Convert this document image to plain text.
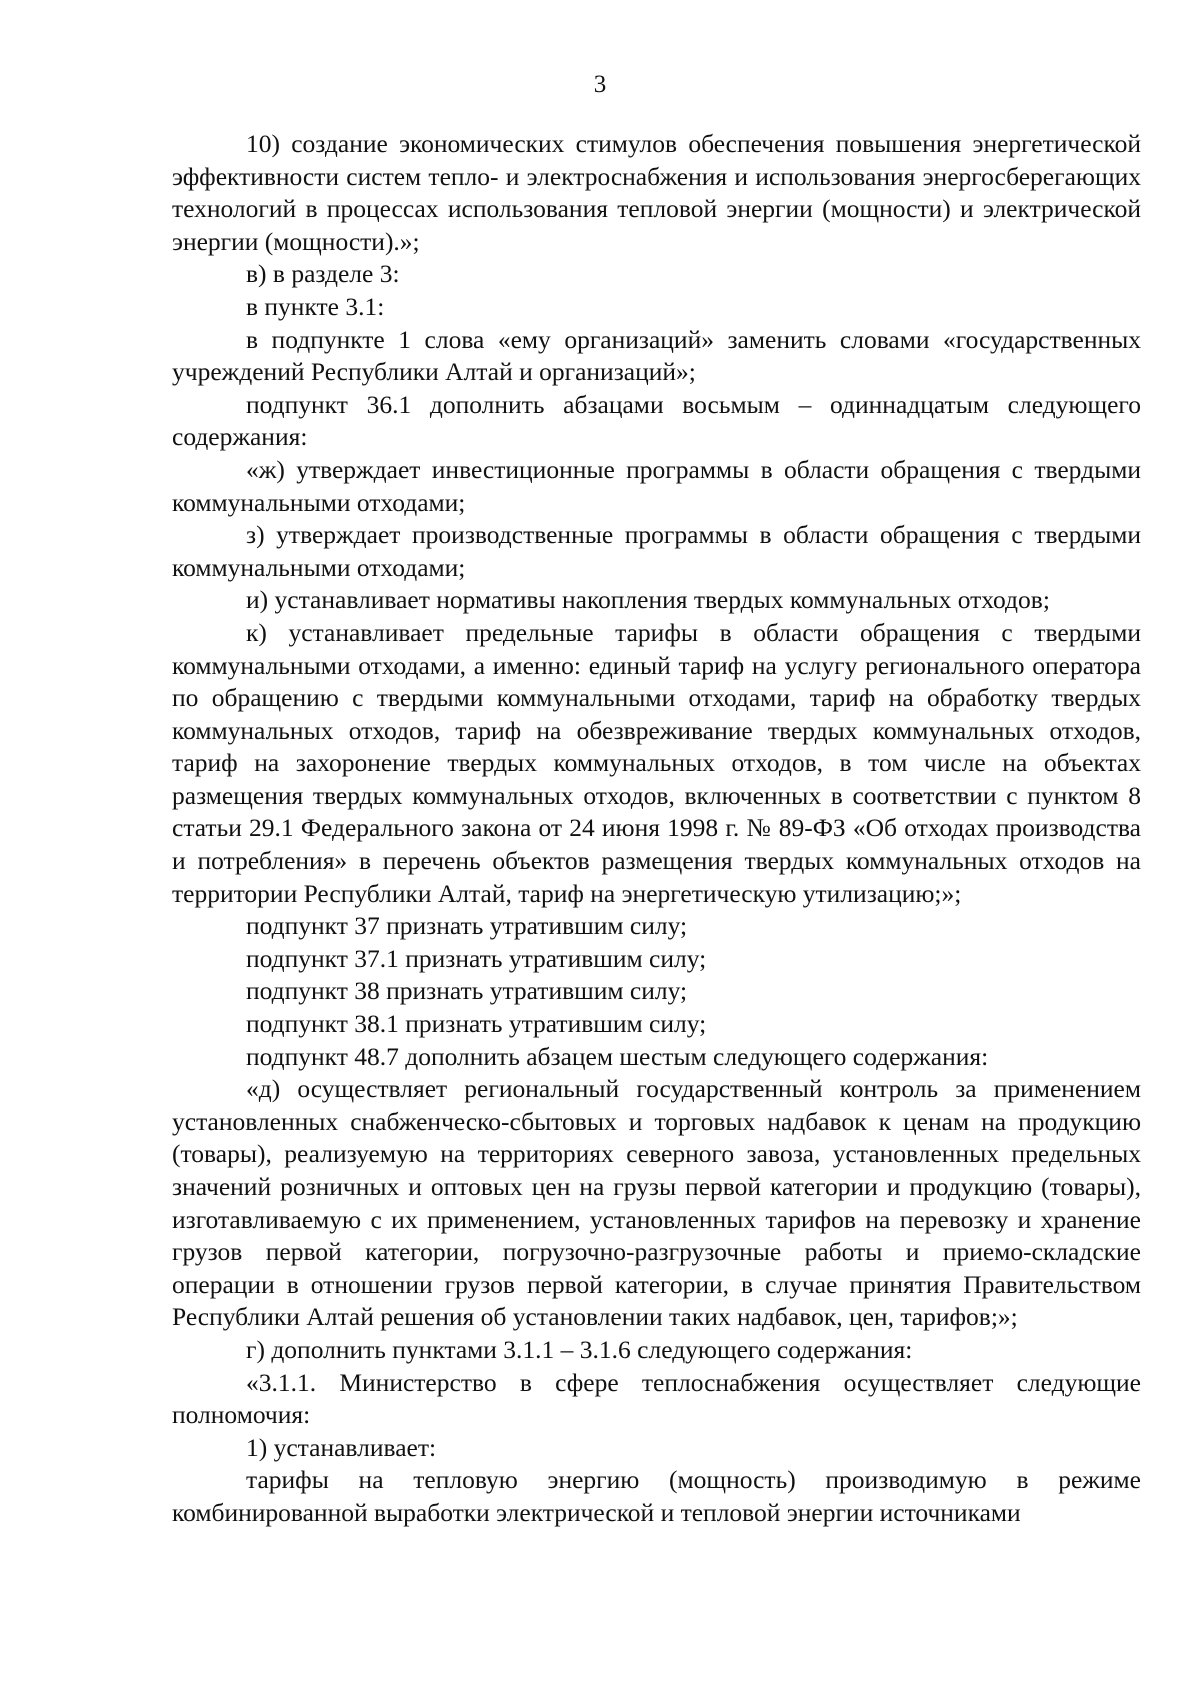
3

10) создание экономических стимулов обеспечения повышения энергетической эффективности систем тепло- и электроснабжения и использования энергосберегающих технологий в процессах использования тепловой энергии (мощности) и электрической энергии (мощности).»;

в) в разделе 3:

в пункте 3.1:

в подпункте 1 слова «ему организаций» заменить словами «государственных учреждений Республики Алтай и организаций»;

подпункт 36.1 дополнить абзацами восьмым – одиннадцатым следующего содержания:

«ж) утверждает инвестиционные программы в области обращения с твердыми коммунальными отходами;

з) утверждает производственные программы в области обращения с твердыми коммунальными отходами;

и) устанавливает нормативы накопления твердых коммунальных отходов;

к) устанавливает предельные тарифы в области обращения с твердыми коммунальными отходами, а именно: единый тариф на услугу регионального оператора по обращению с твердыми коммунальными отходами, тариф на обработку твердых коммунальных отходов, тариф на обезвреживание твердых коммунальных отходов, тариф на захоронение твердых коммунальных отходов, в том числе на объектах размещения твердых коммунальных отходов, включенных в соответствии с пунктом 8 статьи 29.1 Федерального закона от 24 июня 1998 г. № 89-ФЗ «Об отходах производства и потребления» в перечень объектов размещения твердых коммунальных отходов на территории Республики Алтай, тариф на энергетическую утилизацию;»;

подпункт 37 признать утратившим силу;

подпункт 37.1 признать утратившим силу;

подпункт 38 признать утратившим силу;

подпункт 38.1 признать утратившим силу;

подпункт 48.7 дополнить абзацем шестым следующего содержания:

«д) осуществляет региональный государственный контроль за применением установленных снабженческо-сбытовых и торговых надбавок к ценам на продукцию (товары), реализуемую на территориях северного завоза, установленных предельных значений розничных и оптовых цен на грузы первой категории и продукцию (товары), изготавливаемую с их применением, установленных тарифов на перевозку и хранение грузов первой категории, погрузочно-разгрузочные работы и приемо-складские операции в отношении грузов первой категории, в случае принятия Правительством Республики Алтай решения об установлении таких надбавок, цен, тарифов;»;

г) дополнить пунктами 3.1.1 – 3.1.6 следующего содержания:

«3.1.1. Министерство в сфере теплоснабжения осуществляет следующие полномочия:

1) устанавливает:

тарифы на тепловую энергию (мощность) производимую в режиме комбинированной выработки электрической и тепловой энергии источниками
